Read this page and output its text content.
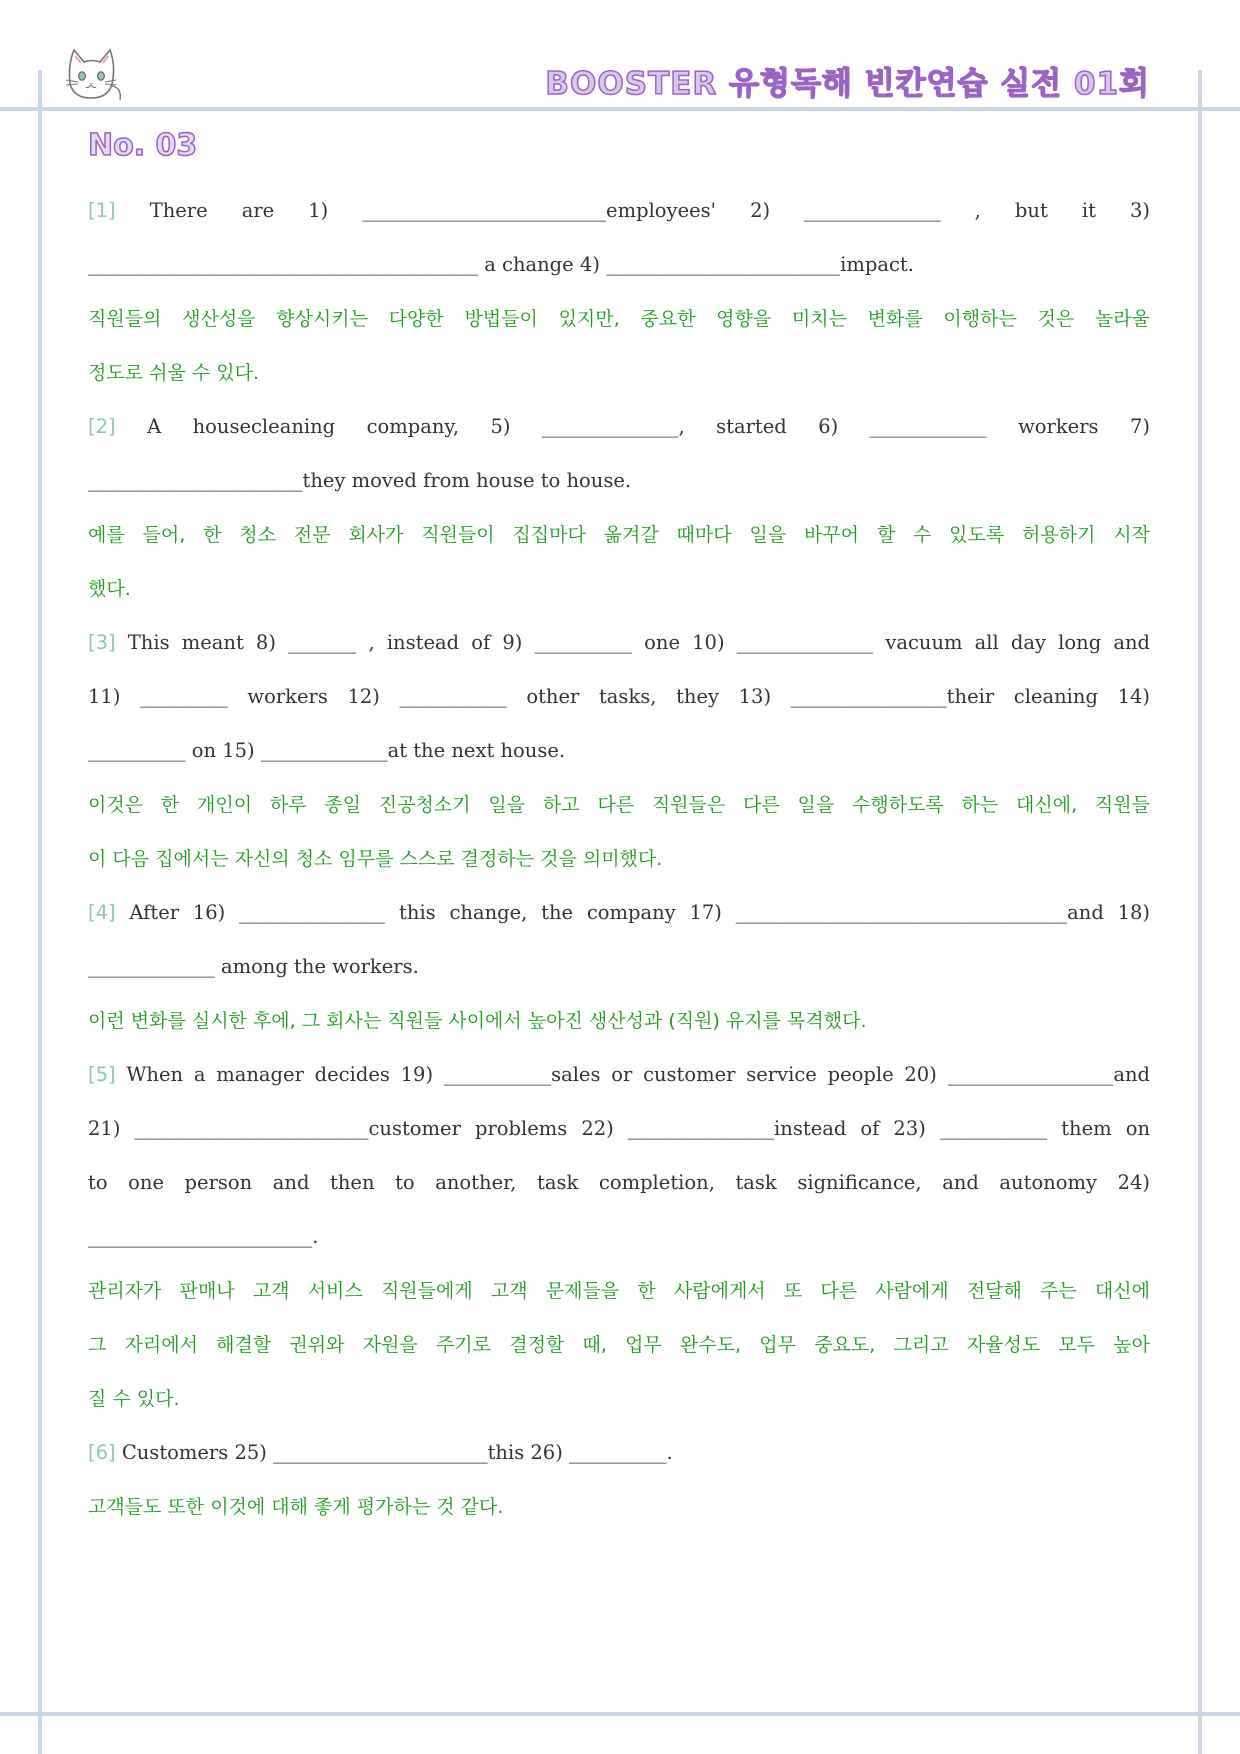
BOOSTER 유형독해 빈칸연습 실전 01회
No. 03
[1] There are 1) _________________________employees' 2) ______________ , but it 3)
________________________________________ a change 4) ________________________impact.
직원들의 생산성을 향상시키는 다양한 방법들이 있지만, 중요한 영향을 미치는 변화를 이행하는 것은 놀라울
정도로 쉬울 수 있다.
[2] A housecleaning company, 5) ______________, started 6) ____________ workers 7)
______________________they moved from house to house.
예를 들어, 한 청소 전문 회사가 직원들이 집집마다 옮겨갈 때마다 일을 바꾸어 할 수 있도록 허용하기 시작
했다.
[3] This meant 8) _______ , instead of 9) __________ one 10) ______________ vacuum all day long and
11) _________ workers 12) ___________ other tasks, they 13) ________________their cleaning 14)
__________ on 15) _____________at the next house.
이것은 한 개인이 하루 종일 진공청소기 일을 하고 다른 직원들은 다른 일을 수행하도록 하는 대신에, 직원들
이 다음 집에서는 자신의 청소 임무를 스스로 결정하는 것을 의미했다.
[4] After 16) _______________ this change, the company 17) __________________________________and 18)
_____________ among the workers.
이런 변화를 실시한 후에, 그 회사는 직원들 사이에서 높아진 생산성과 (직원) 유지를 목격했다.
[5] When a manager decides 19) ___________sales or customer service people 20) _________________and
21) ________________________customer problems 22) _______________instead of 23) ___________ them on
to one person and then to another, task completion, task significance, and autonomy 24)
_______________________.
관리자가 판매나 고객 서비스 직원들에게 고객 문제들을 한 사람에게서 또 다른 사람에게 전달해 주는 대신에
그 자리에서 해결할 권위와 자원을 주기로 결정할 때, 업무 완수도, 업무 중요도, 그리고 자율성도 모두 높아
질 수 있다.
[6] Customers 25) ______________________this 26) __________.
고객들도 또한 이것에 대해 좋게 평가하는 것 같다.
